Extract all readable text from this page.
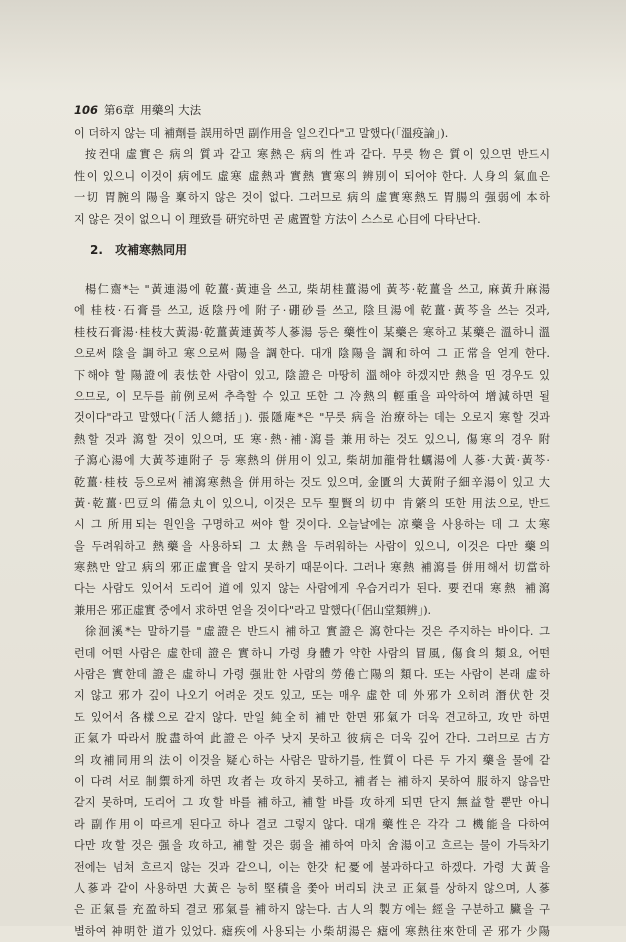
106 第6章 用藥의 大法
이 더하지 않는 데 補劑를 誤用하면 副作用을 일으킨다"고 말했다(「溫疫論」).
按컨대 虛實은 病의 質과 같고 寒熱은 病의 性과 같다. 무릇 物은 質이 있으면 반드시
性이 있으니 이것이 病에도 虛寒 虛熱과 實熱 實寒의 辨別이 되어야 한다. 人身의 氣血은
一切 胃腕의 陽을 稟하지 않은 것이 없다. 그러므로 病의 虛實寒熱도 胃腸의 强弱에 本하
지 않은 것이 없으니 이 理致를 硏究하면 곧 處置할 方法이 스스로 心目에 다타난다.
2. 攻補寒熱同用
楊仁齋*는 "黃連湯에 乾薑·黃連을 쓰고, 柴胡桂薑湯에 黃芩·乾薑을 쓰고, 麻黃升麻湯
에 桂枝·石膏를 쓰고, 返陰丹에 附子·硼砂를 쓰고, 陰旦湯에 乾薑·黃芩을 쓰는 것과,
桂枝石膏湯·桂枝大黃湯·乾薑黃連黃芩人蔘湯 등은 藥性이 某藥은 寒하고 某藥은 溫하니 溫
으로써 陰을 調하고 寒으로써 陽을 調한다. 대개 陰陽을 調和하여 그 正常을 얻게 한다.
下해야 할 陽證에 表怯한 사람이 있고, 陰證은 마땅히 溫해야 하겠지만 熱을 띤 경우도 있
으므로, 이 모두를 前例로써 추측할 수 있고 또한 그 冷熱의 輕重을 파악하여 增減하면 될
것이다"라고 말했다(「活人總括」). 張隱庵*은 "무릇 病을 治療하는 데는 오로지 寒할 것과
熱할 것과 瀉할 것이 있으며, 또 寒·熱·補·瀉를 兼用하는 것도 있으니, 傷寒의 경우 附
子瀉心湯에 大黃芩連附子 등 寒熱의 併用이 있고, 柴胡加龍骨牡蠣湯에 人蔘·大黃·黃芩·
乾薑·桂枝 등으로써 補瀉寒熱을 併用하는 것도 있으며, 金匱의 大黃附子細辛湯이 있고 大
黃·乾薑·巴豆의 備急丸이 있으니, 이것은 모두 聖賢의 切中 肯綮의 또한 用法으로, 반드
시 그 所用되는 원인을 구명하고 써야 할 것이다. 오늘날에는 凉藥을 사용하는 데 그 太寒
을 두려워하고 熱藥을 사용하되 그 太熱을 두려워하는 사람이 있으니, 이것은 다만 藥의
寒熱만 알고 病의 邪正虛實을 알지 못하기 때문이다. 그러나 寒熱 補瀉를 併用해서 切當하
다는 사람도 있어서 도리어 道에 있지 않는 사람에게 우습거리가 된다. 要컨대 寒熱 補瀉
兼用은 邪正虛實 중에서 求하면 얻을 것이다"라고 말했다(「侶山堂類辨」).
徐洄溪*는 말하기를 "虛證은 반드시 補하고 實證은 瀉한다는 것은 주지하는 바이다. 그
런데 어떤 사람은 虛한데 證은 實하니 가령 身體가 약한 사람의 冒風, 傷食의 類요, 어떤
사람은 實한데 證은 虛하니 가령 强壯한 사람의 勞倦亡陽의 類다. 또는 사람이 본래 虛하
지 않고 邪가 깊이 나오기 어려운 것도 있고, 또는 매우 虛한 데 外邪가 오히려 潛伏한 것
도 있어서 各樣으로 같지 않다. 만일 純全히 補만 한면 邪氣가 더욱 견고하고, 攻만 하면
正氣가 따라서 脫盡하여 此證은 아주 낫지 못하고 彼病은 더욱 깊어 간다. 그러므로 古方
의 攻補同用의 法이 이것을 疑心하는 사람은 말하기를, 性質이 다른 두 가지 藥을 물에 같
이 다려 서로 制禦하게 하면 攻者는 攻하지 못하고, 補者는 補하지 못하여 服하지 않음만
같지 못하며, 도리어 그 攻할 바를 補하고, 補할 바를 攻하게 되면 단지 無益할 뿐만 아니
라 副作用이 따르게 된다고 하나 결코 그렇지 않다. 대개 藥性은 각각 그 機能을 다하여
다만 攻할 것은 强을 攻하고, 補할 것은 弱을 補하여 마치 舍湯이고 흐르는 물이 가득차기
전에는 넘쳐 흐르지 않는 것과 같으니, 이는 한갓 杞憂에 불과하다고 하겠다. 가령 大黃을
人蔘과 같이 사용하면 大黃은 능히 堅積을 쫓아 버리되 決코 正氣를 상하지 않으며, 人蔘
은 正氣를 充盈하되 결코 邪氣를 補하지 않는다. 古人의 製方에는 經을 구분하고 臟을 구
별하여 神明한 道가 있었다. 瘧疾에 사용되는 小柴胡湯은 瘧에 寒熱往來한데 곧 邪가 少陽
